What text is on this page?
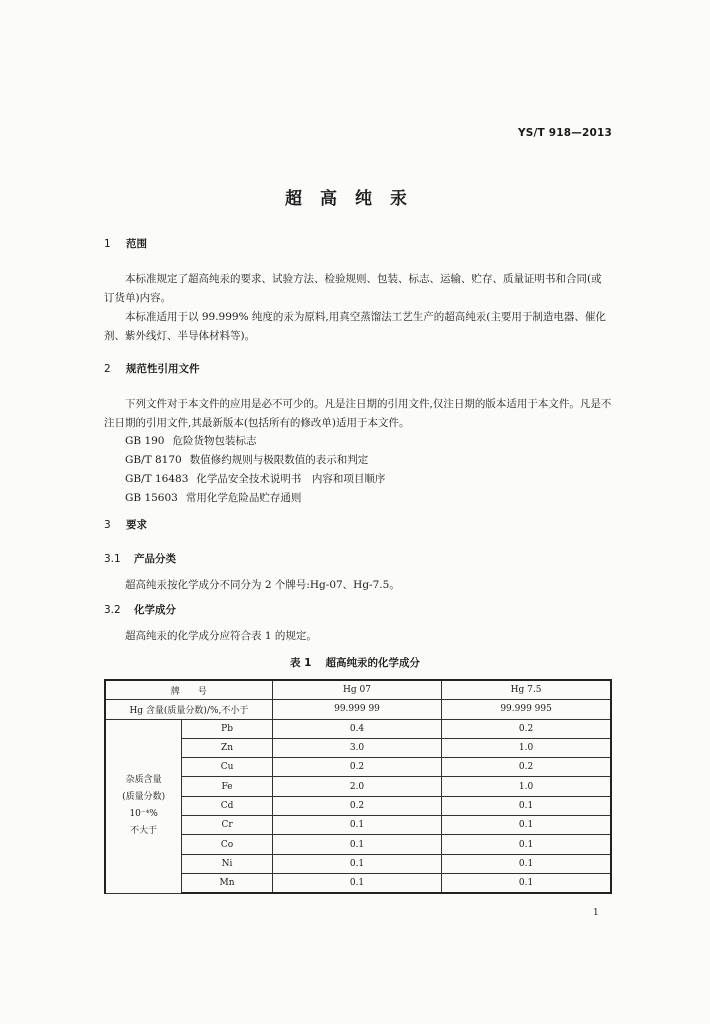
YS/T 918—2013
超高纯汞
1 范围
本标准规定了超高纯汞的要求、试验方法、检验规则、包装、标志、运输、贮存、质量证明书和合同(或订货单)内容。
本标准适用于以 99.999% 纯度的汞为原料,用真空蒸馏法工艺生产的超高纯汞(主要用于制造电器、催化剂、紫外线灯、半导体材料等)。
2 规范性引用文件
下列文件对于本文件的应用是必不可少的。凡是注日期的引用文件,仅注日期的版本适用于本文件。凡是不注日期的引用文件,其最新版本(包括所有的修改单)适用于本文件。
GB 190 危险货物包装标志
GB/T 8170 数值修约规则与极限数值的表示和判定
GB/T 16483 化学品安全技术说明书　内容和项目顺序
GB 15603 常用化学危险品贮存通则
3 要求
3.1 产品分类
超高纯汞按化学成分不同分为 2 个牌号:Hg-07、Hg-7.5。
3.2 化学成分
超高纯汞的化学成分应符合表 1 的规定。
表 1 超高纯汞的化学成分
牌　　号		Hg 07	Hg 7.5
Hg 含量(质量分数)/%,不小于		99.999 99	99.999 995

杂质含量
(质量分数)
10⁻⁴%
不大于	Pb	0.4	0.2
	Zn	3.0	1.0
	Cu	0.2	0.2
	Fe	2.0	1.0
	Cd	0.2	0.1
	Cr	0.1	0.1
	Co	0.1	0.1
	Ni	0.1	0.1
	Mn	0.1	0.1
1
